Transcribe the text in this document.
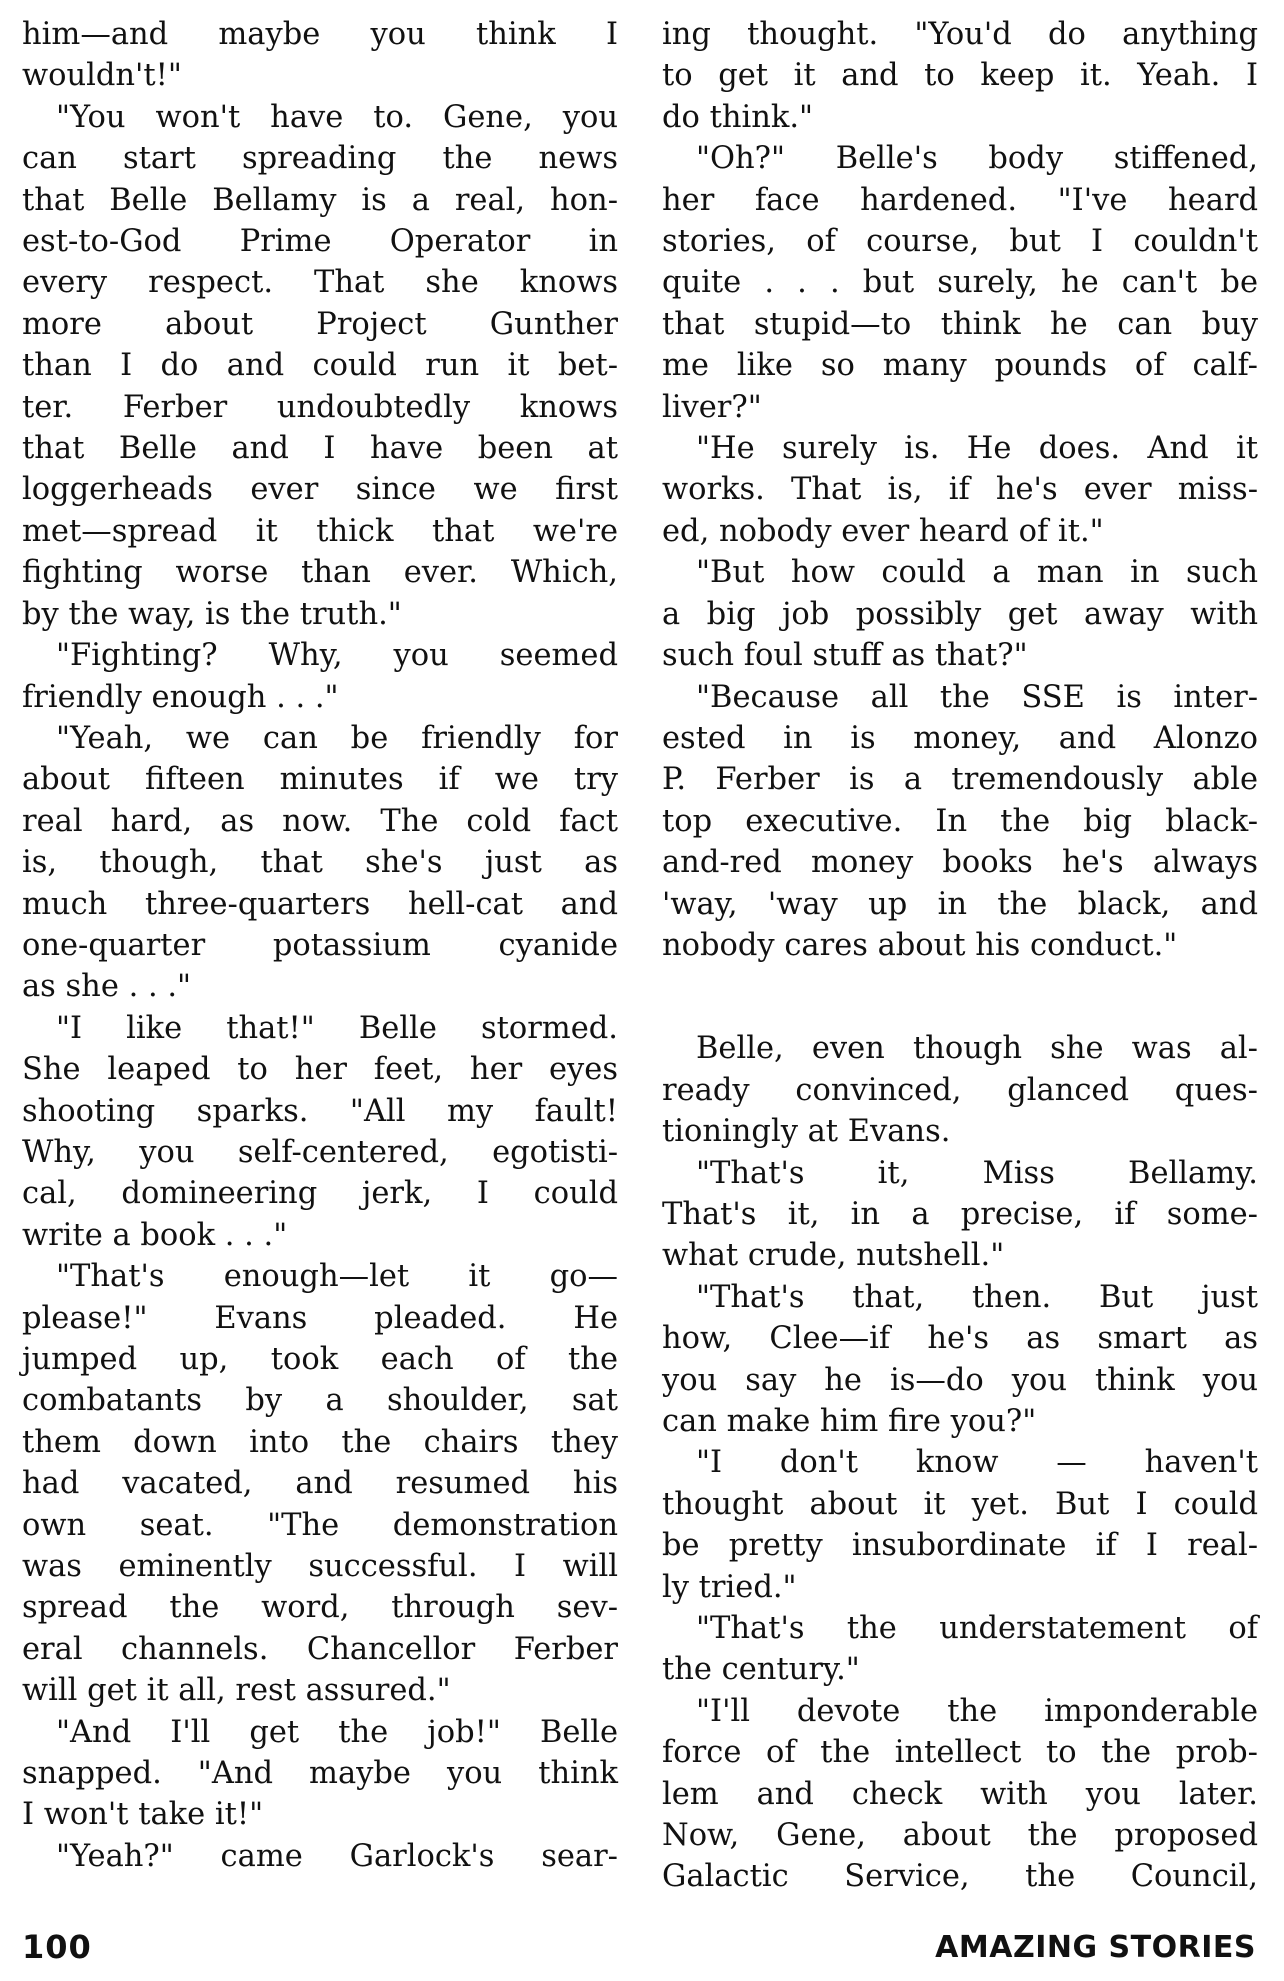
him—and maybe you think I
wouldn't!"
"You won't have to. Gene, you
can start spreading the news
that Belle Bellamy is a real, hon-
est-to-God Prime Operator in
every respect. That she knows
more about Project Gunther
than I do and could run it bet-
ter. Ferber undoubtedly knows
that Belle and I have been at
loggerheads ever since we first
met—spread it thick that we're
fighting worse than ever. Which,
by the way, is the truth."
"Fighting? Why, you seemed
friendly enough . . ."
"Yeah, we can be friendly for
about fifteen minutes if we try
real hard, as now. The cold fact
is, though, that she's just as
much three-quarters hell-cat and
one-quarter potassium cyanide
as she . . ."
"I like that!" Belle stormed.
She leaped to her feet, her eyes
shooting sparks. "All my fault!
Why, you self-centered, egotisti-
cal, domineering jerk, I could
write a book . . ."
"That's enough—let it go—
please!" Evans pleaded. He
jumped up, took each of the
combatants by a shoulder, sat
them down into the chairs they
had vacated, and resumed his
own seat. "The demonstration
was eminently successful. I will
spread the word, through sev-
eral channels. Chancellor Ferber
will get it all, rest assured."
"And I'll get the job!" Belle
snapped. "And maybe you think
I won't take it!"
"Yeah?" came Garlock's sear-
ing thought. "You'd do anything
to get it and to keep it. Yeah. I
do think."
"Oh?" Belle's body stiffened,
her face hardened. "I've heard
stories, of course, but I couldn't
quite . . . but surely, he can't be
that stupid—to think he can buy
me like so many pounds of calf-
liver?"
"He surely is. He does. And it
works. That is, if he's ever miss-
ed, nobody ever heard of it."
"But how could a man in such
a big job possibly get away with
such foul stuff as that?"
"Because all the SSE is inter-
ested in is money, and Alonzo
P. Ferber is a tremendously able
top executive. In the big black-
and-red money books he's always
'way, 'way up in the black, and
nobody cares about his conduct."
Belle, even though she was al-
ready convinced, glanced ques-
tioningly at Evans.
"That's it, Miss Bellamy.
That's it, in a precise, if some-
what crude, nutshell."
"That's that, then. But just
how, Clee—if he's as smart as
you say he is—do you think you
can make him fire you?"
"I don't know — haven't
thought about it yet. But I could
be pretty insubordinate if I real-
ly tried."
"That's the understatement of
the century."
"I'll devote the imponderable
force of the intellect to the prob-
lem and check with you later.
Now, Gene, about the proposed
Galactic Service, the Council,
100	AMAZING STORIES
